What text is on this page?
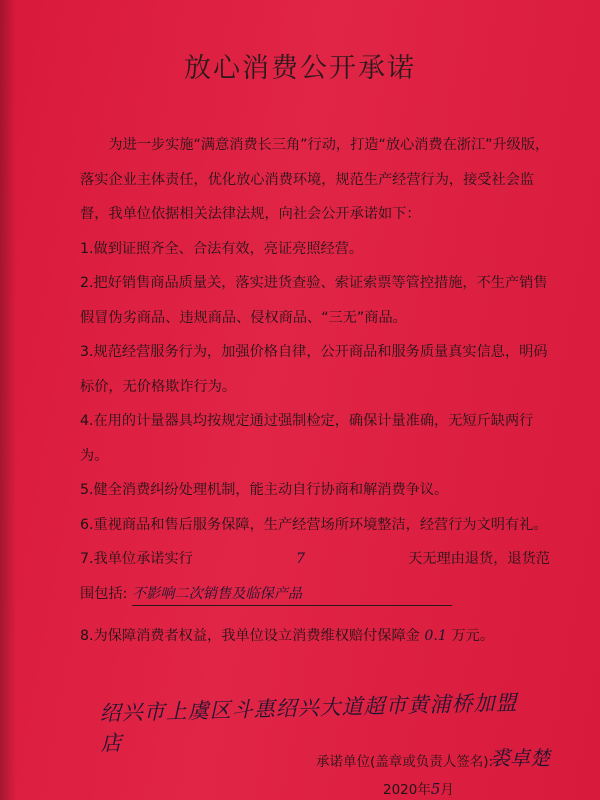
放心消费公开承诺

为进一步实施“满意消费长三角”行动，打造“放心消费在浙江”升级版，落实企业主体责任，优化放心消费环境，规范生产经营行为，接受社会监督，我单位依据相关法律法规，向社会公开承诺如下：

1.做到证照齐全、合法有效，亮证亮照经营。

2.把好销售商品质量关，落实进货查验、索证索票等管控措施，不生产销售假冒伪劣商品、违规商品、侵权商品、“三无”商品。

3.规范经营服务行为，加强价格自律，公开商品和服务质量真实信息，明码标价，无价格欺诈行为。

4.在用的计量器具均按规定通过强制检定，确保计量准确，无短斤缺两行为。

5.健全消费纠纷处理机制，能主动自行协商和解消费争议。

6.重视商品和售后服务保障，生产经营场所环境整洁，经营行为文明有礼。

7.我单位承诺实行	7	天无理由退货，退货范
围包括: 不影响二次销售及临保产品
8.为保障消费者权益，我单位设立消费维权赔付保障金 0.1 万元。
绍兴市上虞区斗惠绍兴大道超市黄浦桥加盟店
承诺单位(盖章或负责人签名):
裘卓楚
2020年5月
